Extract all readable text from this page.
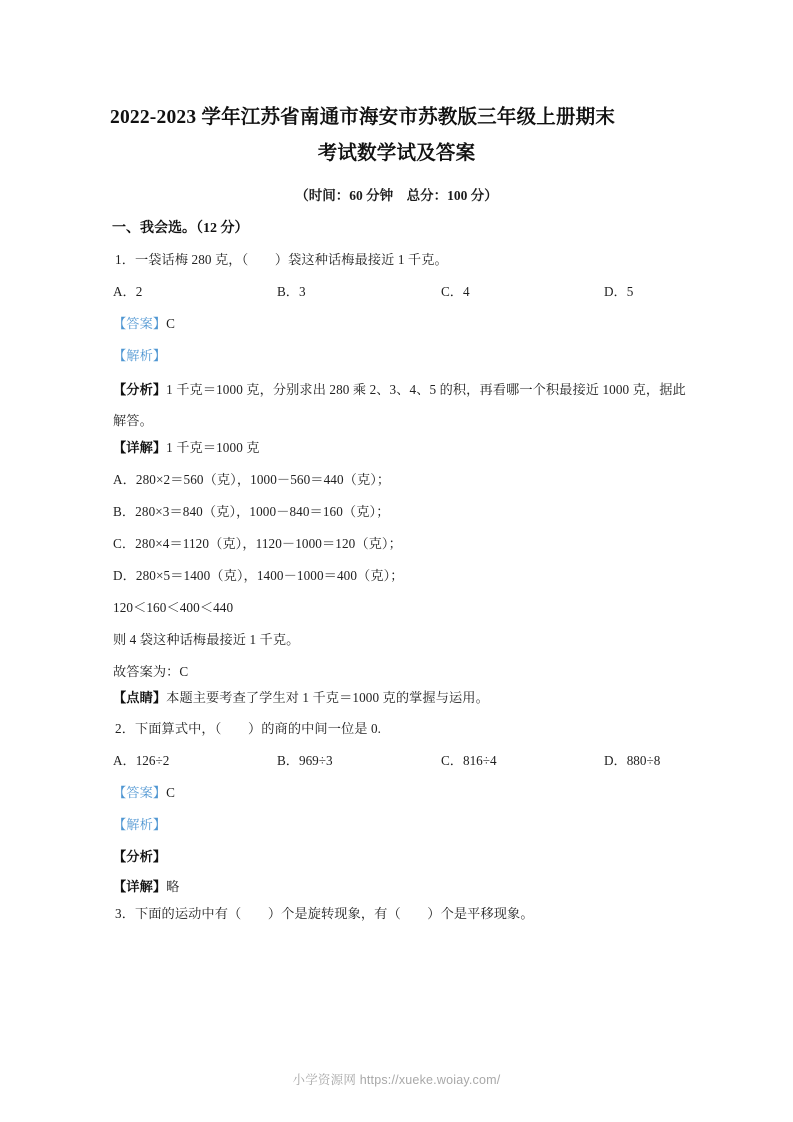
2022-2023 学年江苏省南通市海安市苏教版三年级上册期末
考试数学试及答案
（时间：60 分钟　总分：100 分）
一、我会选。（12 分）
1．一袋话梅 280 克，（　　）袋这种话梅最接近 1 千克。
A．2	B．3	C．4	D．5
【答案】C
【解析】
【分析】1 千克＝1000 克，分别求出 280 乘 2、3、4、5 的积，再看哪一个积最接近 1000 克，据此解答。
【详解】1 千克＝1000 克
A．280×2＝560（克），1000－560＝440（克）；
B．280×3＝840（克），1000－840＝160（克）；
C．280×4＝1120（克），1120－1000＝120（克）；
D．280×5＝1400（克），1400－1000＝400（克）；
120＜160＜400＜440
则 4 袋这种话梅最接近 1 千克。
故答案为：C
【点睛】本题主要考查了学生对 1 千克＝1000 克的掌握与运用。
2．下面算式中，（　　）的商的中间一位是 0.
A．126÷2	B．969÷3	C．816÷4	D．880÷8
【答案】C
【解析】
【分析】
【详解】略
3．下面的运动中有（　　）个是旋转现象，有（　　）个是平移现象。
小学资源网 https://xueke.woiay.com/
